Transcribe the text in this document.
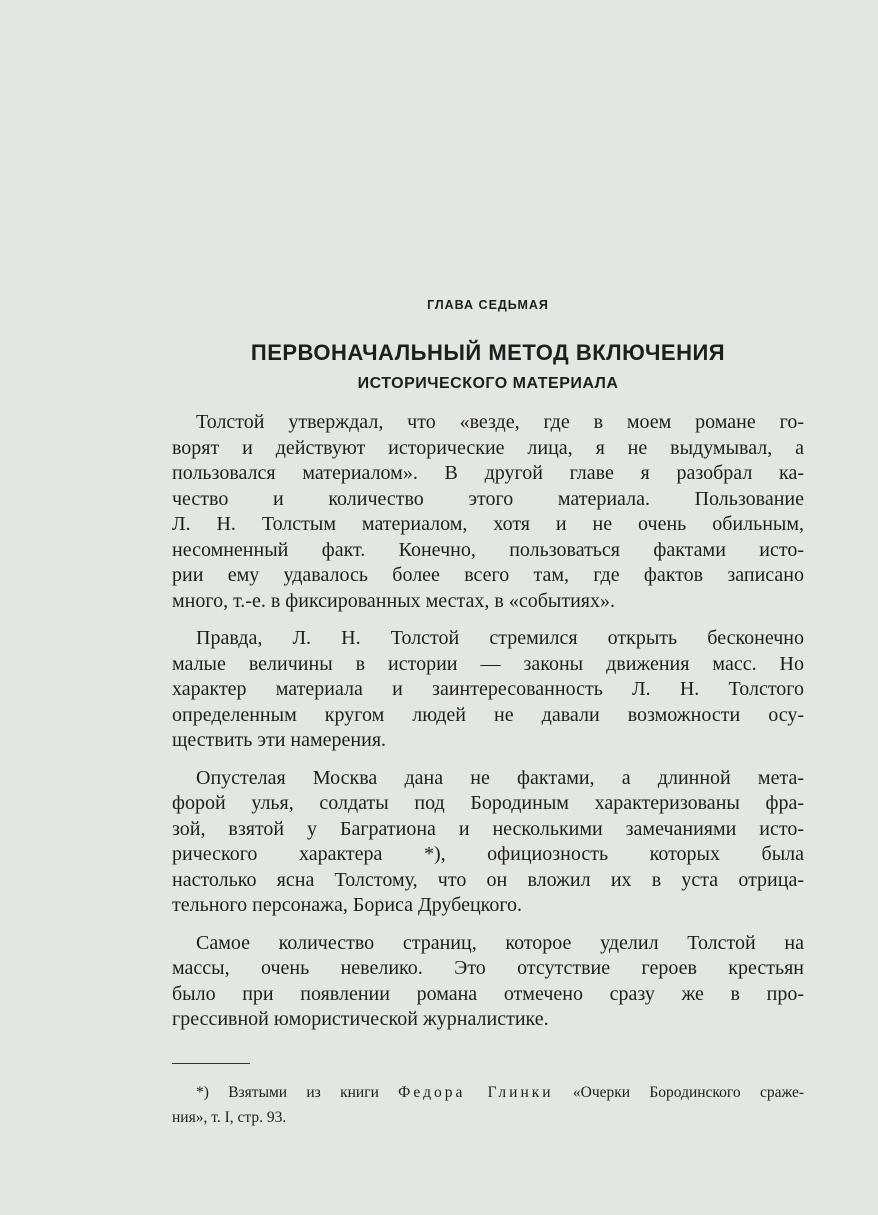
ГЛАВА СЕДЬМАЯ
ПЕРВОНАЧАЛЬНЫЙ МЕТОД ВКЛЮЧЕНИЯ
ИСТОРИЧЕСКОГО МАТЕРИАЛА
Толстой утверждал, что «везде, где в моем романе го-
ворят и действуют исторические лица, я не выдумывал, а
пользовался материалом». В другой главе я разобрал ка-
чество и количество этого материала. Пользование
Л. Н. Толстым материалом, хотя и не очень обильным,
несомненный факт. Конечно, пользоваться фактами исто-
рии ему удавалось более всего там, где фактов записано
много, т.-е. в фиксированных местах, в «событиях».
Правда, Л. Н. Толстой стремился открыть бесконечно
малые величины в истории — законы движения масс. Но
характер материала и заинтересованность Л. Н. Толстого
определенным кругом людей не давали возможности осу-
ществить эти намерения.
Опустелая Москва дана не фактами, а длинной мета-
форой улья, солдаты под Бородиным характеризованы фра-
зой, взятой у Багратиона и несколькими замечаниями исто-
рического характера *), официозность которых была
настолько ясна Толстому, что он вложил их в уста отрица-
тельного персонажа, Бориса Друбецкого.
Самое количество страниц, которое уделил Толстой на
массы, очень невелико. Это отсутствие героев крестьян
было при появлении романа отмечено сразу же в про-
грессивной юмористической журналистике.
*) Взятыми из книги Федора Глинки «Очерки Бородинского сраже-
ния», т. I, стр. 93.
